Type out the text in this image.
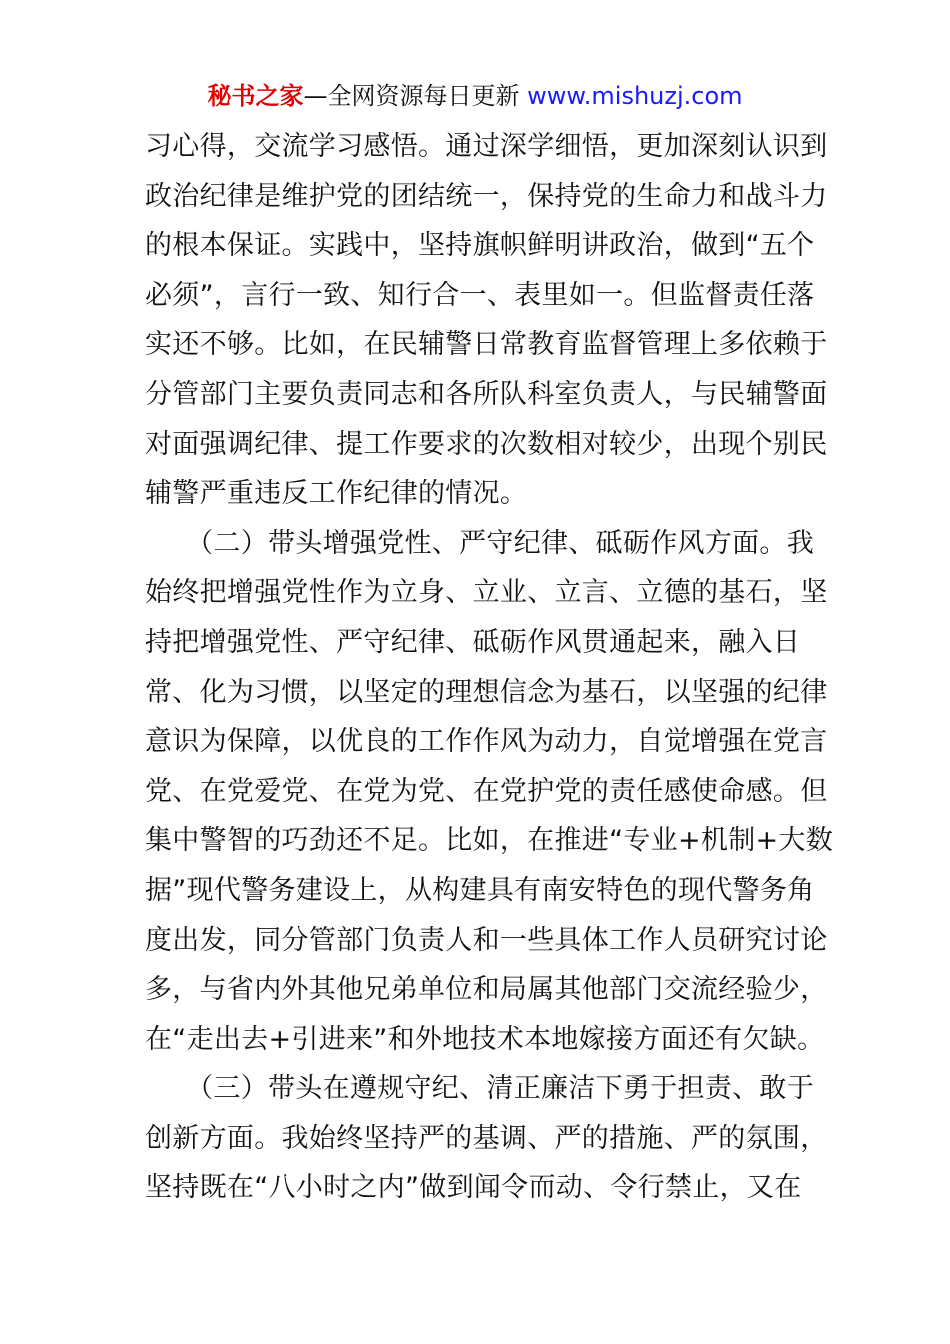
秘书之家—全网资源每日更新 www.mishuzj.com
习心得，交流学习感悟。通过深学细悟，更加深刻认识到
政治纪律是维护党的团结统一，保持党的生命力和战斗力
的根本保证。实践中，坚持旗帜鲜明讲政治，做到“五个
必须”，言行一致、知行合一、表里如一。但监督责任落
实还不够。比如，在民辅警日常教育监督管理上多依赖于
分管部门主要负责同志和各所队科室负责人，与民辅警面
对面强调纪律、提工作要求的次数相对较少，出现个别民
辅警严重违反工作纪律的情况。
　　（二）带头增强党性、严守纪律、砥砺作风方面。我
始终把增强党性作为立身、立业、立言、立德的基石，坚
持把增强党性、严守纪律、砥砺作风贯通起来，融入日
常、化为习惯，以坚定的理想信念为基石，以坚强的纪律
意识为保障，以优良的工作作风为动力，自觉增强在党言
党、在党爱党、在党为党、在党护党的责任感使命感。但
集中警智的巧劲还不足。比如，在推进“专业+机制+大数
据”现代警务建设上，从构建具有南安特色的现代警务角
度出发，同分管部门负责人和一些具体工作人员研究讨论
多，与省内外其他兄弟单位和局属其他部门交流经验少，
在“走出去+引进来”和外地技术本地嫁接方面还有欠缺。
　　（三）带头在遵规守纪、清正廉洁下勇于担责、敢于
创新方面。我始终坚持严的基调、严的措施、严的氛围，
坚持既在“八小时之内”做到闻令而动、令行禁止，又在
